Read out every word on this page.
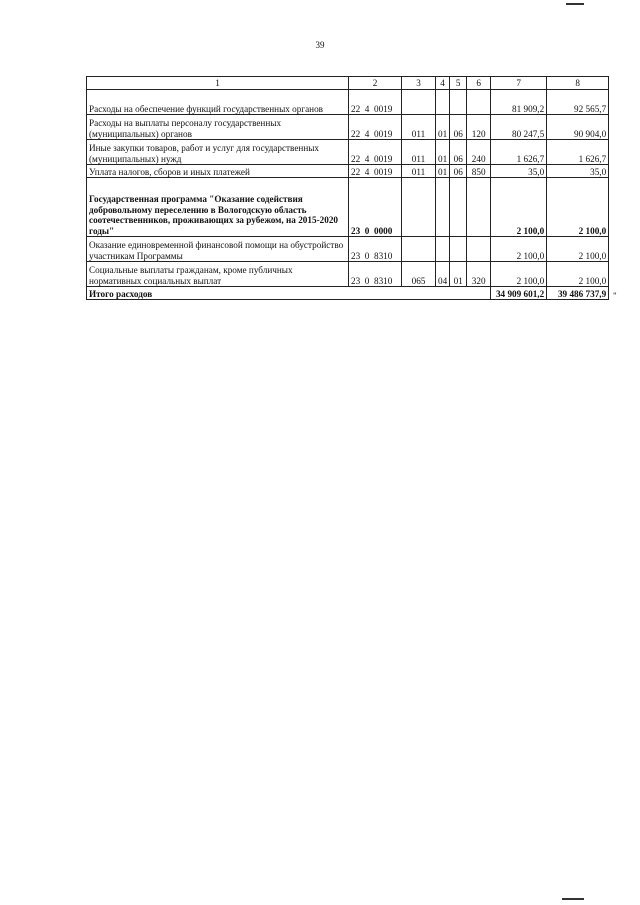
39
1	2	3	4	5	6	7	8
Расходы на обеспечение функций государственных органов	22  4  0019					81 909,2	92 565,7
Расходы на выплаты персоналу государственных (муниципальных) органов	22  4  0019	011	01	06	120	80 247,5	90 904,0
Иные закупки товаров, работ и услуг для государственных (муниципальных) нужд	22  4  0019	011	01	06	240	1 626,7	1 626,7
Уплата налогов, сборов и иных платежей	22  4  0019	011	01	06	850	35,0	35,0
Государственная программа "Оказание содействия добровольному переселению в Вологодскую область соотечественников, проживающих за рубежом, на 2015-2020 годы"	23  0  0000					2 100,0	2 100,0
Оказание единовременной финансовой помощи на обустройство участникам Программы	23  0  8310					2 100,0	2 100,0
Социальные выплаты гражданам, кроме публичных нормативных социальных выплат	23  0  8310	065	04	01	320	2 100,0	2 100,0
Итого расходов						34 909 601,2	39 486 737,9 "
